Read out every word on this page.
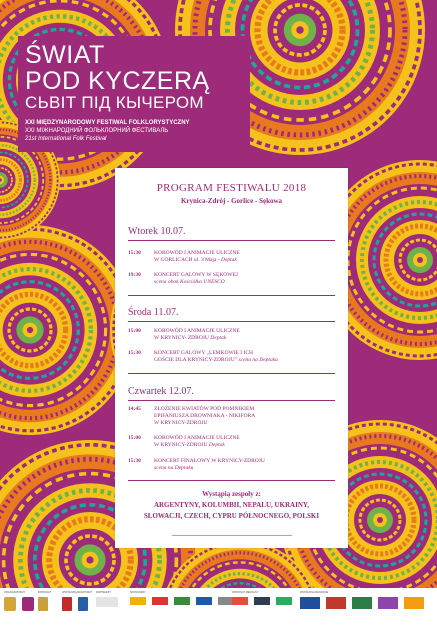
ŚWIAT
POD KYCZERĄ
СЬВІТ ПІД КЫЧЕРОМ
XXI MIĘDZYNARODOWY FESTIWAL FOLKLORYSTYCZNY
XXI МІЖНАРОДНИЙ ФОЛЬКЛОРНИЙ ФЕСТИВАЛЬ
21st International Folk Festival
PROGRAM FESTIWALU 2018
Krynica-Zdrój - Gorlice - Sękowa
Wtorek 10.07.
15:30 KOROWÓD I ANIMACJE ULICZNE
W GORLICACH ul. 3 Maja - Deptak
19:30 KONCERT GALOWY W SĘKOWEJ
scena obok Kościółka UNESCO
Środa 11.07.
15:00 KOROWÓD I ANIMACJE ULICZNE
W KRYNICY- ZDROJU Deptak
15:30 KONCERT GALOWY „LEMKOWIE I ICH
GOŚCIE DLA KRYNICY-ZDROJU” scena na Deptaku
Czwartek 12.07.
14:45 ZŁOŻENIE KWIATÓW POD POMNIKIEM
EPIFANIUSZA DROWNIAKA - NIKIFORA
W KRYNICY-ZDROJU
15:00 KOROWÓD I ANIMACJE ULICZNE
W KRYNICY-ZDROJU Deptak
15:30 KONCERT FINAŁOWY W KRYNICY-ZDROJU
scena na Deptaku
Wystąpią zespoły z:
ARGENTYNY, KOLUMBII, NEPALU, UKRAINY,
SŁOWACJI, CZECH, CYPRU PÓŁNOCNEGO, POLSKI
ORGANIZATORZY
	PATRONAT	WSPÓŁORGANIZATORZY
PARTNERZY	SPONSORZY
	PATRONAT MEDIALNY
	WSPÓŁFINANSOWANIE
